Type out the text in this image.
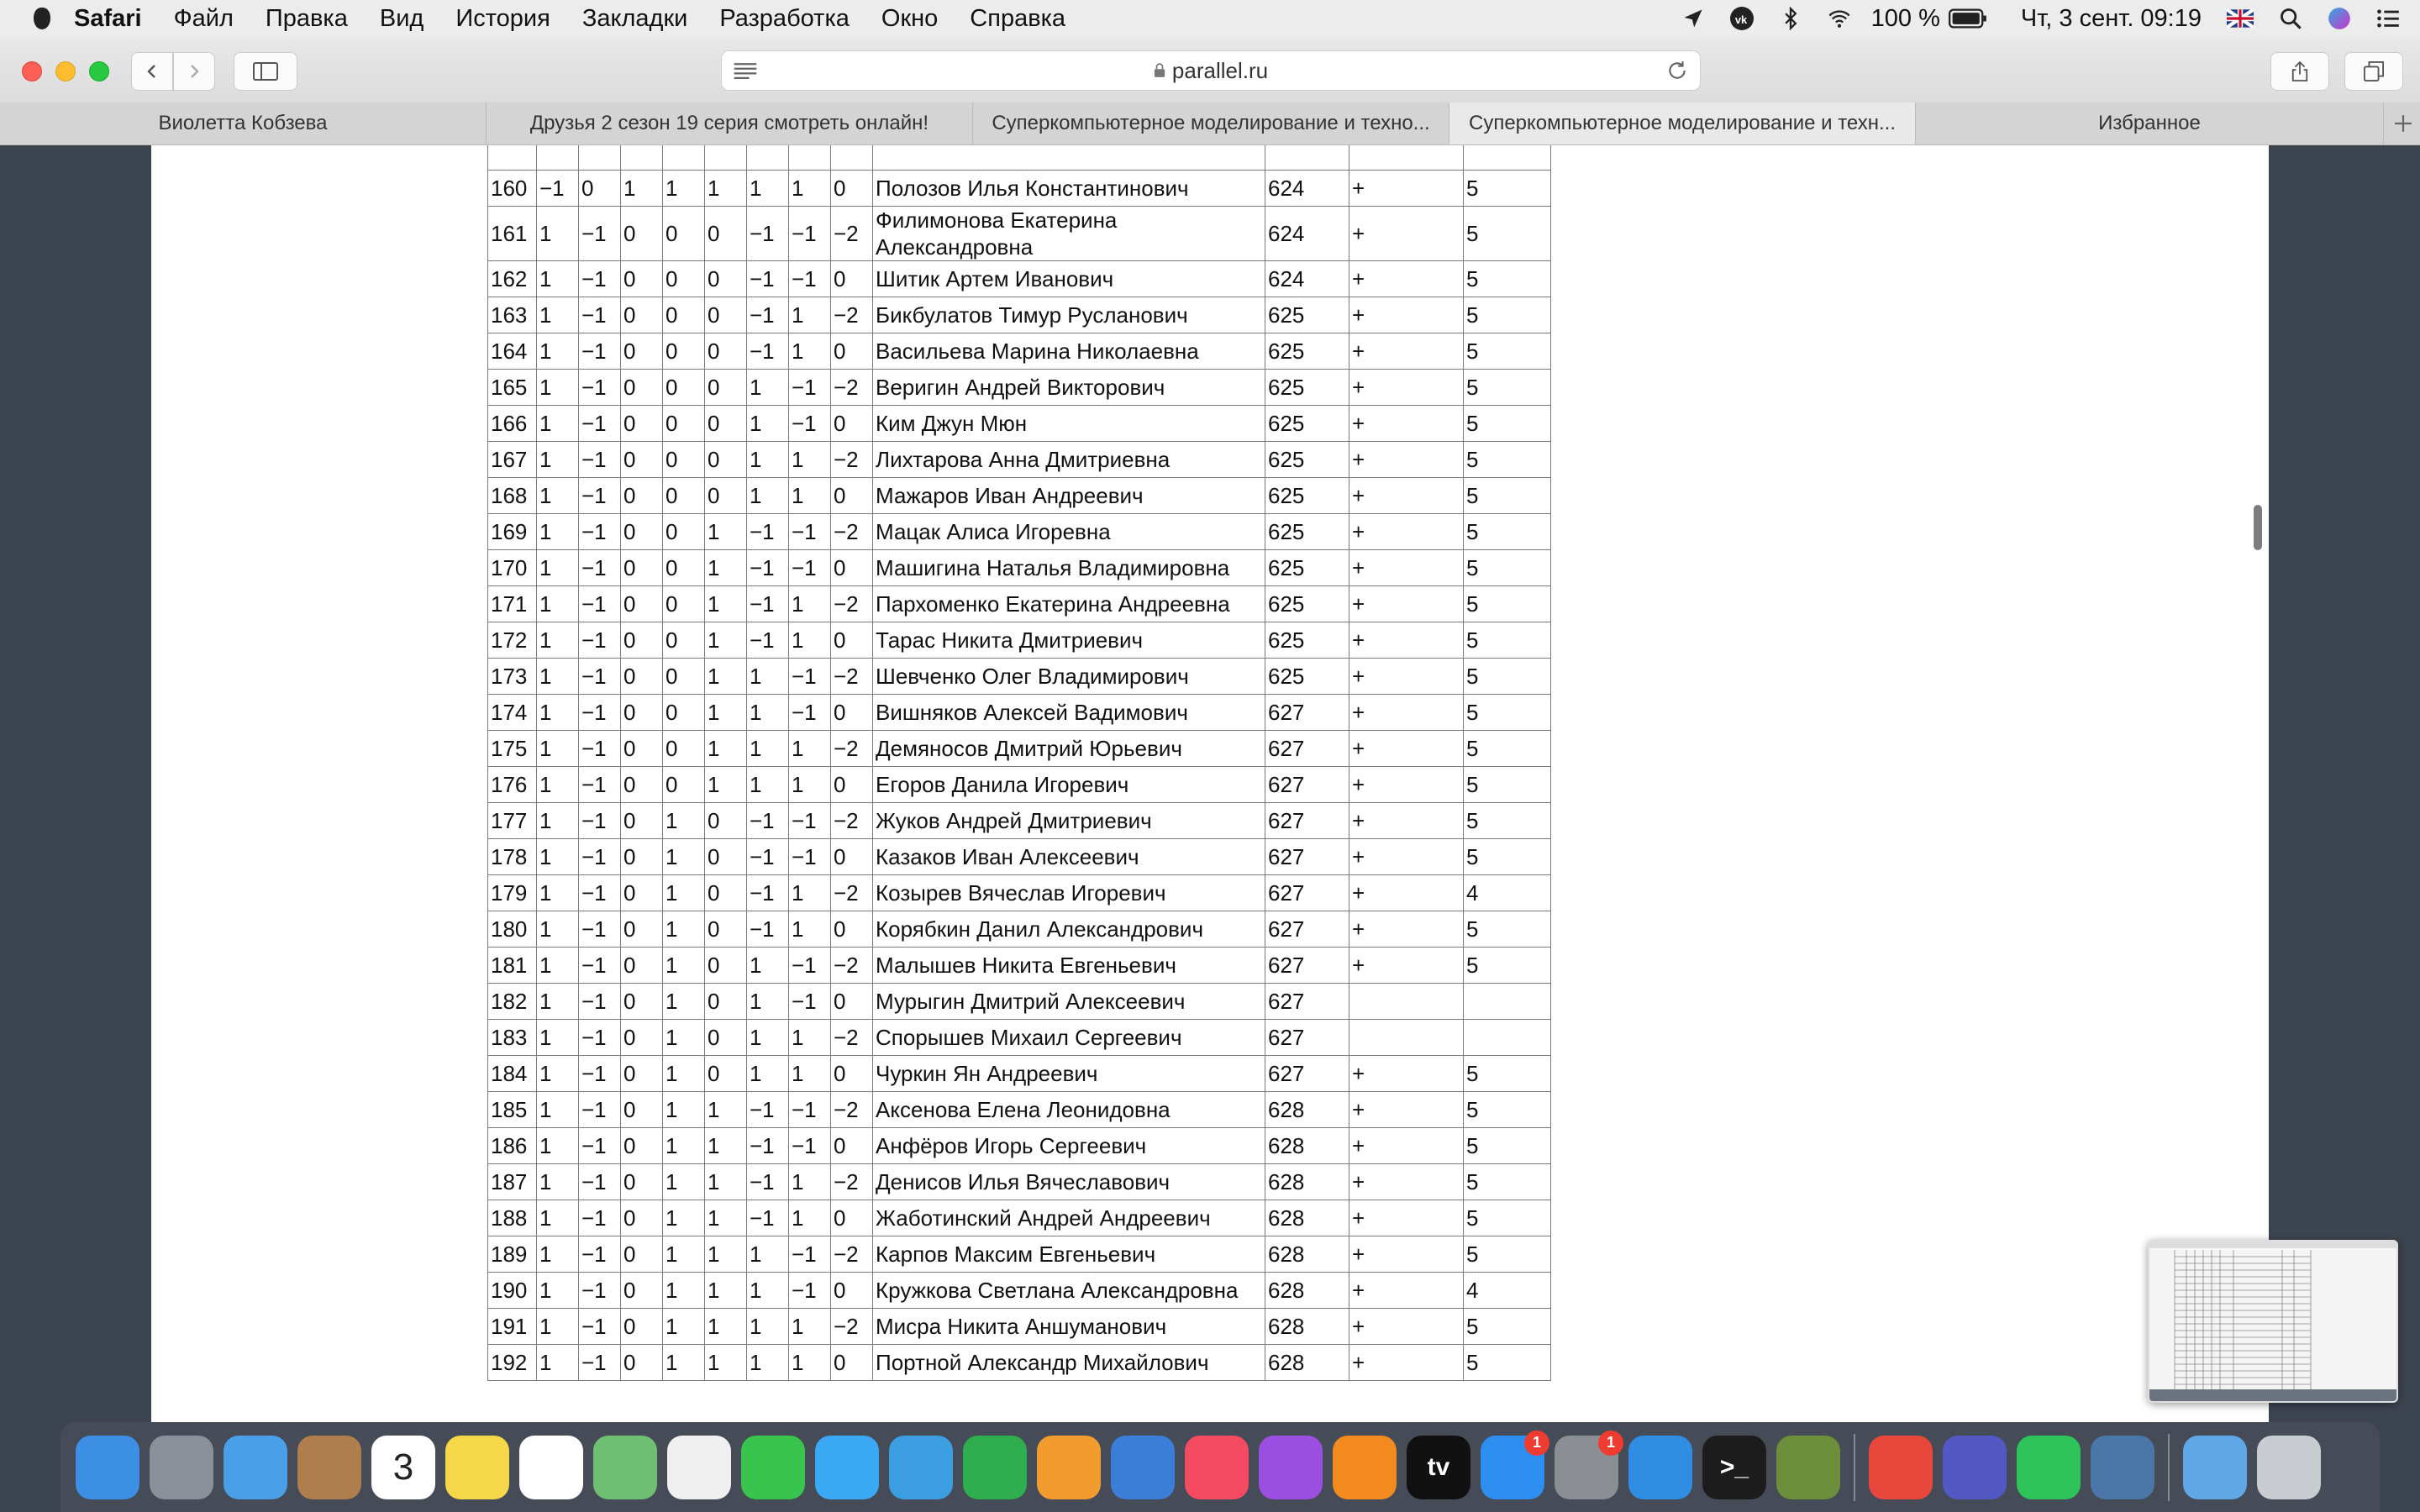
Safari Файл Правка Вид История Закладки Разработка Окно Справка	vk	100 %	Чт, 3 сент. 09:19
parallel.ru
Виолетта Кобзева	Друзья 2 сезон 19 серия смотреть онлайн!	Суперкомпьютерное моделирование и техно... Суперкомпьютерное моделирование и техн...	Избранное

160	−1	0	1	1	1	1	1	0	Полозов Илья Константинович	624	+	5
161	1	−1	0	0	0	−1	−1	−2	Филимонова Екатерина Александровна	624	+	5
162	1	−1	0	0	0	−1	−1	0	Шитик Артем Иванович	624	+	5
163	1	−1	0	0	0	−1	1	−2	Бикбулатов Тимур Русланович	625	+	5
164	1	−1	0	0	0	−1	1	0	Васильева Марина Николаевна	625	+	5
165	1	−1	0	0	0	1	−1	−2	Веригин Андрей Викторович	625	+	5
166	1	−1	0	0	0	1	−1	0	Ким Джун Мюн	625	+	5
167	1	−1	0	0	0	1	1	−2	Лихтарова Анна Дмитриевна	625	+	5
168	1	−1	0	0	0	1	1	0	Мажаров Иван Андреевич	625	+	5
169	1	−1	0	0	1	−1	−1	−2	Мацак Алиса Игоревна	625	+	5
170	1	−1	0	0	1	−1	−1	0	Машигина Наталья Владимировна	625	+	5
171	1	−1	0	0	1	−1	1	−2	Пархоменко Екатерина Андреевна	625	+	5
172	1	−1	0	0	1	−1	1	0	Тарас Никита Дмитриевич	625	+	5
173	1	−1	0	0	1	1	−1	−2	Шевченко Олег Владимирович	625	+	5
174	1	−1	0	0	1	1	−1	0	Вишняков Алексей Вадимович	627	+	5
175	1	−1	0	0	1	1	1	−2	Демяносов Дмитрий Юрьевич	627	+	5
176	1	−1	0	0	1	1	1	0	Егоров Данила Игоревич	627	+	5
177	1	−1	0	1	0	−1	−1	−2	Жуков Андрей Дмитриевич	627	+	5
178	1	−1	0	1	0	−1	−1	0	Казаков Иван Алексеевич	627	+	5
179	1	−1	0	1	0	−1	1	−2	Козырев Вячеслав Игоревич	627	+	4
180	1	−1	0	1	0	−1	1	0	Корябкин Данил Александрович	627	+	5
181	1	−1	0	1	0	1	−1	−2	Малышев Никита Евгеньевич	627	+	5
182	1	−1	0	1	0	1	−1	0	Мурыгин Дмитрий Алексеевич	627		
183	1	−1	0	1	0	1	1	−2	Спорышев Михаил Сергеевич	627		
184	1	−1	0	1	0	1	1	0	Чуркин Ян Андреевич	627	+	5
185	1	−1	0	1	1	−1	−1	−2	Аксенова Елена Леонидовна	628	+	5
186	1	−1	0	1	1	−1	−1	0	Анфёров Игорь Сергеевич	628	+	5
187	1	−1	0	1	1	−1	1	−2	Денисов Илья Вячеславович	628	+	5
188	1	−1	0	1	1	−1	1	0	Жаботинский Андрей Андреевич	628	+	5
189	1	−1	0	1	1	1	−1	−2	Карпов Максим Евгеньевич	628	+	5
190	1	−1	0	1	1	1	−1	0	Кружкова Светлана Александровна	628	+	4
191	1	−1	0	1	1	1	1	−2	Мисра Никита Аншуманович	628	+	5
192	1	−1	0	1	1	1	1	0	Портной Александр Михайлович	628	+	5
3	tv
1	1
>_
